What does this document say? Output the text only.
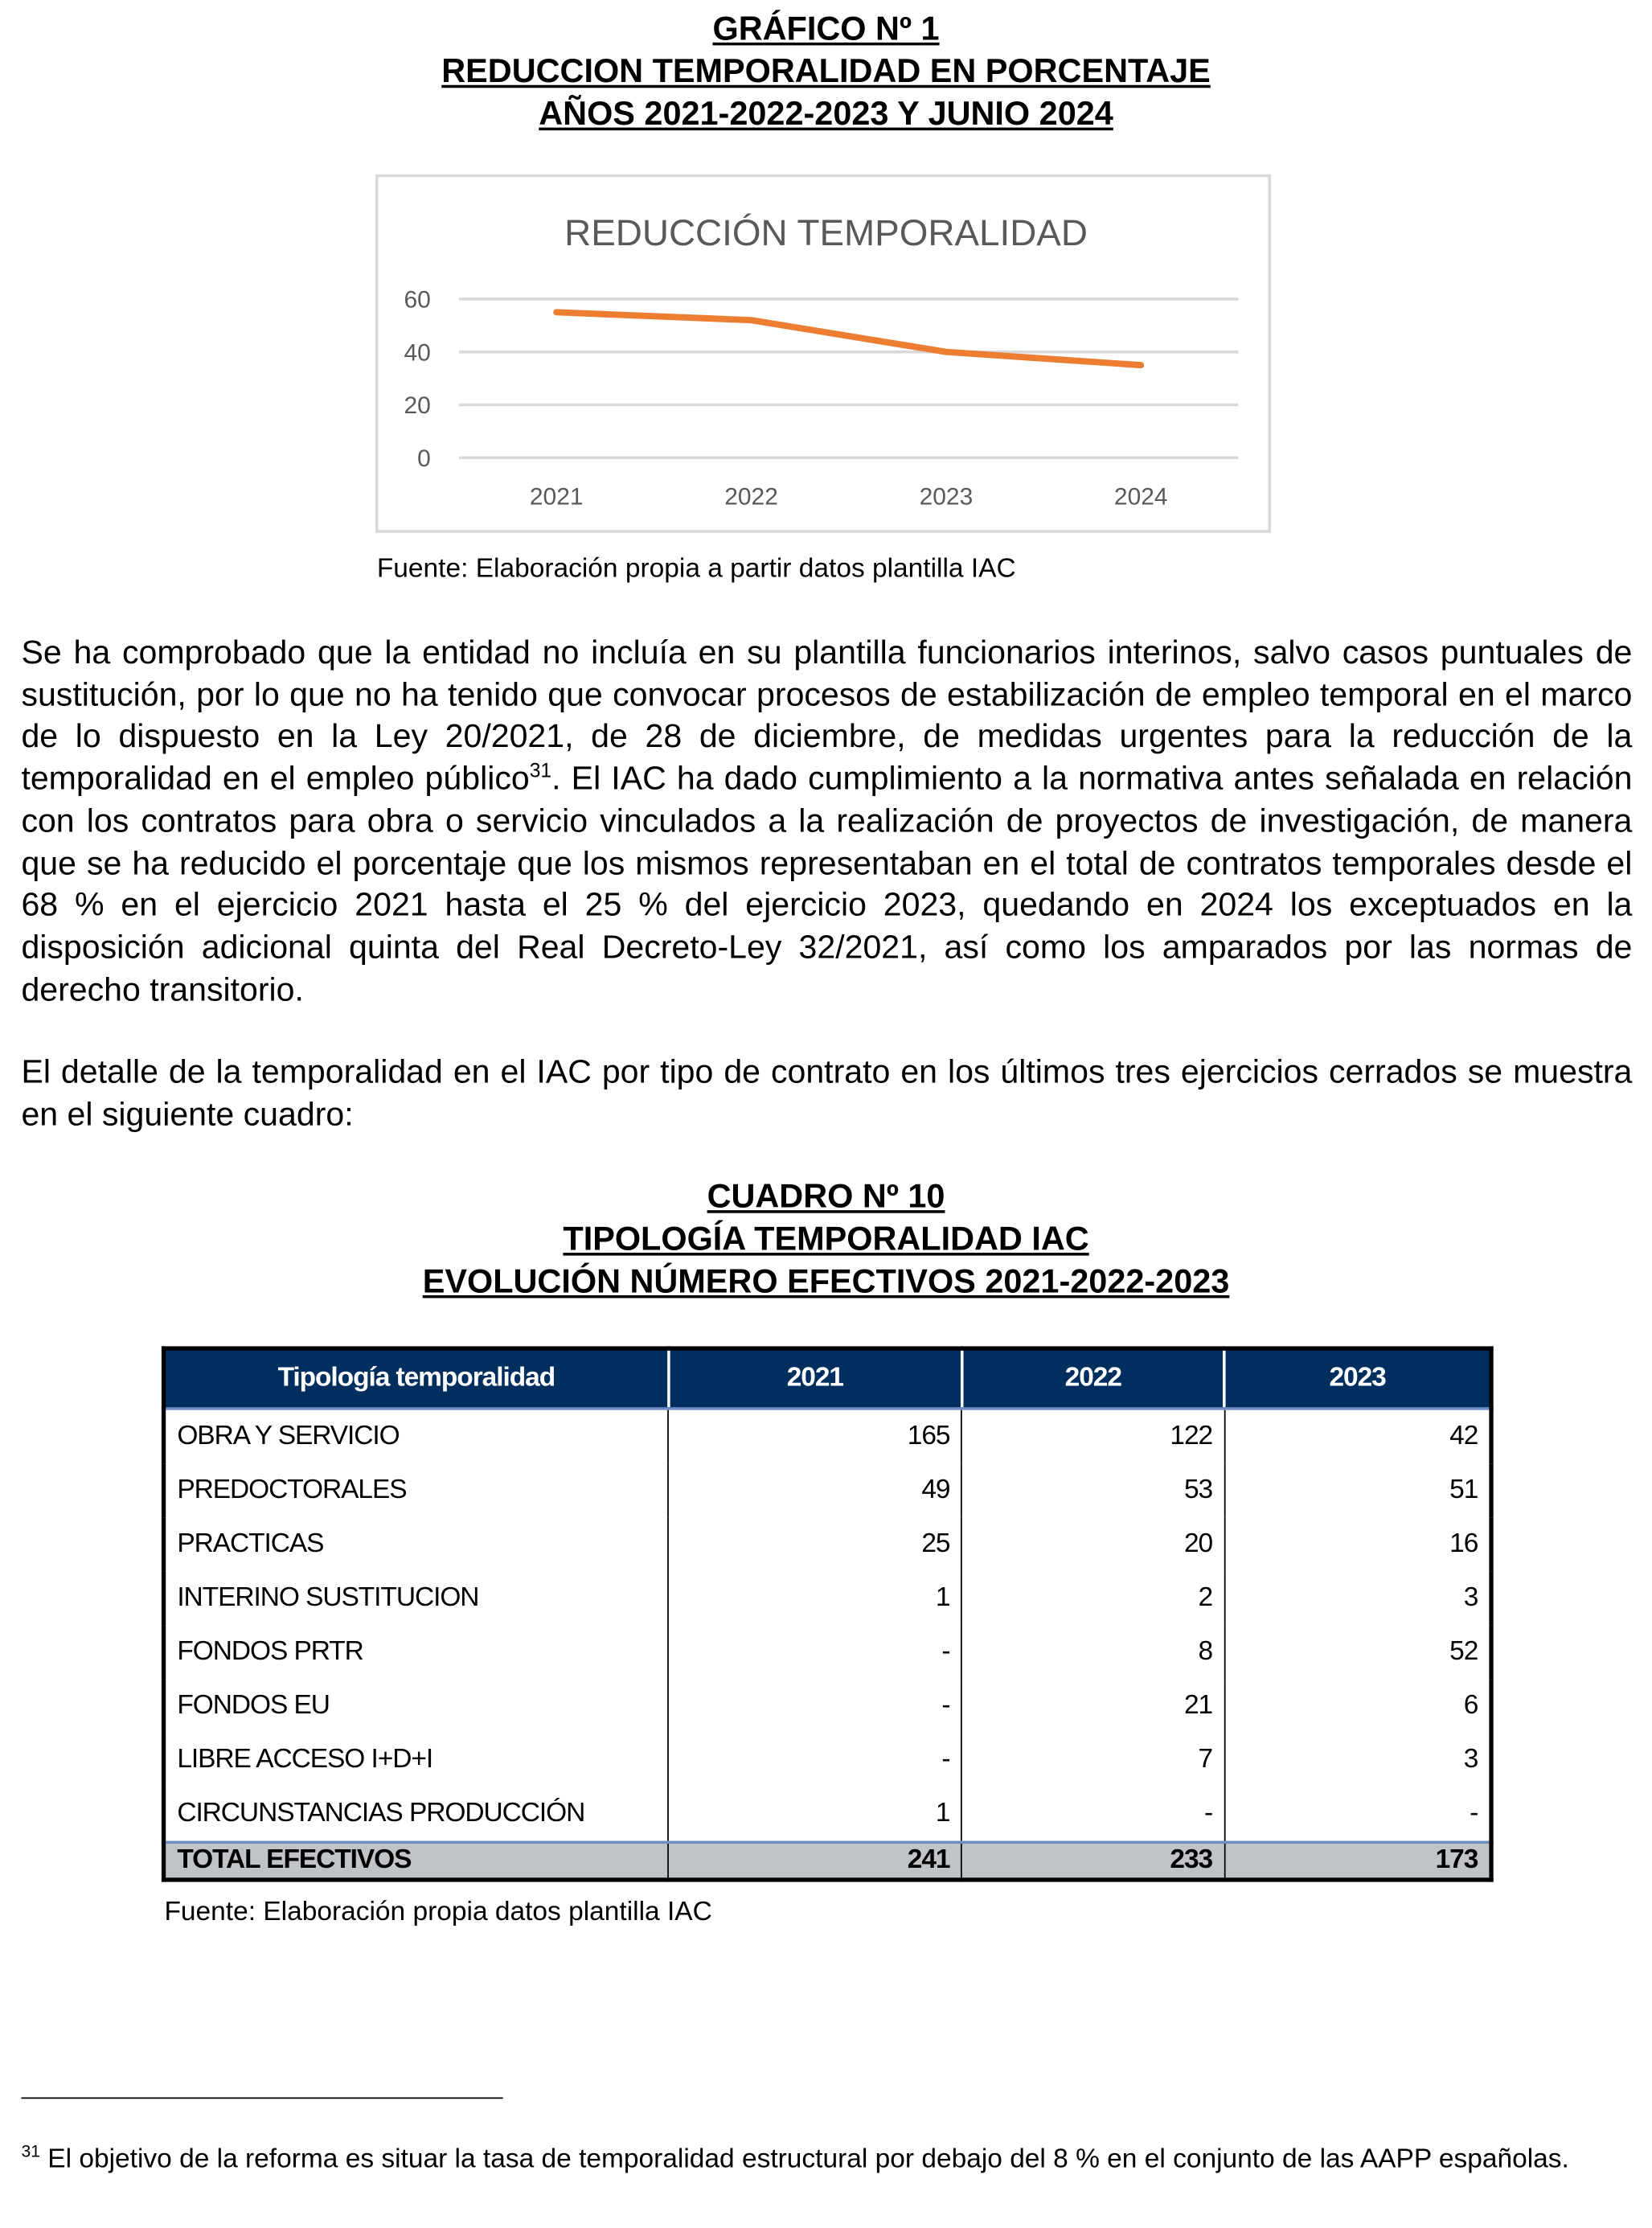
GRÁFICO Nº 1
REDUCCION TEMPORALIDAD EN PORCENTAJE
AÑOS 2021-2022-2023 Y JUNIO 2024
REDUCCIÓN TEMPORALIDAD
0
20
40
60
2021	2022	2023	2024
Fuente: Elaboración propia a partir datos plantilla IAC
Se ha comprobado que la entidad no incluía en su plantilla funcionarios interinos, salvo casos puntuales de sustitución, por lo que no ha tenido que convocar procesos de estabilización de empleo temporal en el marco de lo dispuesto en la Ley 20/2021, de 28 de diciembre, de medidas urgentes para la reducción de la temporalidad en el empleo público$^{31}$. El IAC ha dado cumplimiento a la normativa antes señalada en relación con los contratos para obra o servicio vinculados a la realización de proyectos de investigación, de manera que se ha reducido el porcentaje que los mismos representaban en el total de contratos temporales desde el 68 % en el ejercicio 2021 hasta el 25 % del ejercicio 2023, quedando en 2024 los exceptuados en la disposición adicional quinta del Real Decreto-Ley 32/2021, así como los amparados por las normas de derecho transitorio.
El detalle de la temporalidad en el IAC por tipo de contrato en los últimos tres ejercicios cerrados se muestra en el siguiente cuadro:
CUADRO Nº 10
TIPOLOGÍA TEMPORALIDAD IAC
EVOLUCIÓN NÚMERO EFECTIVOS 2021-2022-2023
Tipología temporalidad	2021	2022	2023
OBRA Y SERVICIO	165	122	42
PREDOCTORALES	49	53	51
PRACTICAS	25	20	16
INTERINO SUSTITUCION	1	2	3
FONDOS PRTR	-	8	52
FONDOS EU	-	21	6
LIBRE ACCESO I+D+I	-	7	3
CIRCUNSTANCIAS PRODUCCIÓN	1	-	-
TOTAL EFECTIVOS	241	233	173
Fuente: Elaboración propia datos plantilla IAC
$^{31}$ El objetivo de la reforma es situar la tasa de temporalidad estructural por debajo del 8 % en el conjunto de las AAPP españolas.
